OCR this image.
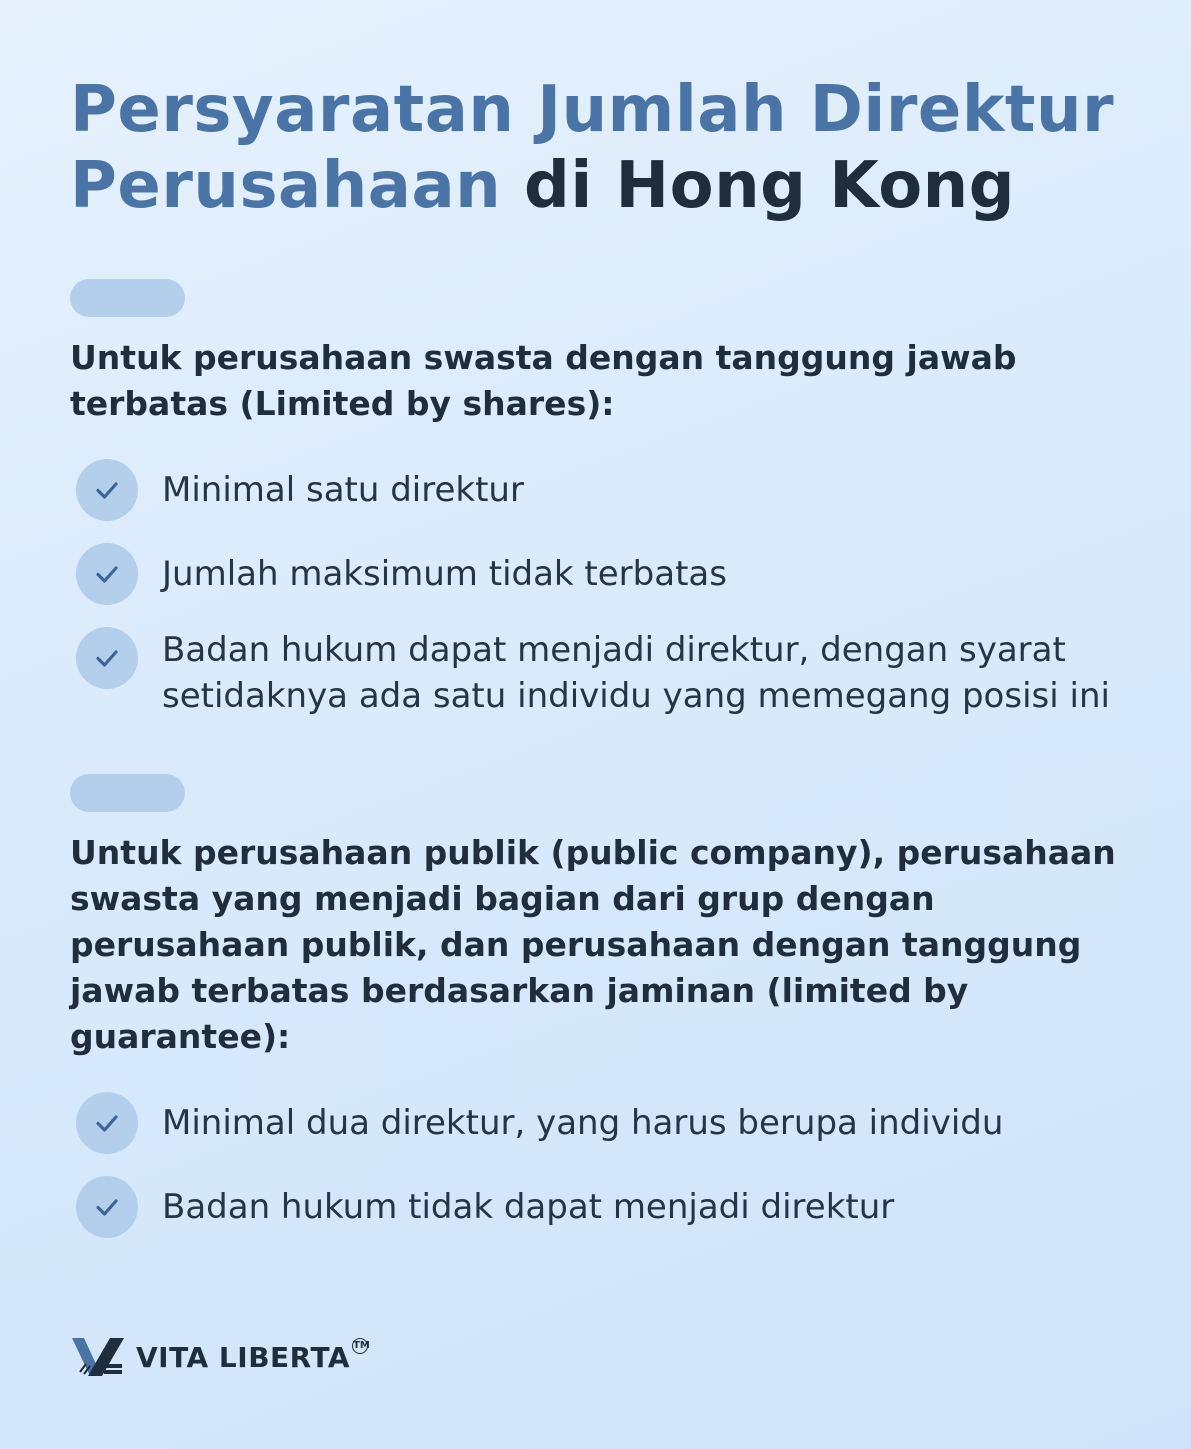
Persyaratan Jumlah Direktur
Perusahaan di Hong Kong

Untuk perusahaan swasta dengan tanggung jawab terbatas (Limited by shares):

Minimal satu direktur
Jumlah maksimum tidak terbatas
Badan hukum dapat menjadi direktur, dengan syarat setidaknya ada satu individu yang memegang posisi ini

Untuk perusahaan publik (public company), perusahaan swasta yang menjadi bagian dari grup dengan perusahaan publik, dan perusahaan dengan tanggung jawab terbatas berdasarkan jaminan (limited by guarantee):

Minimal dua direktur, yang harus berupa individu
Badan hukum tidak dapat menjadi direktur
VITA LIBERTA TM
